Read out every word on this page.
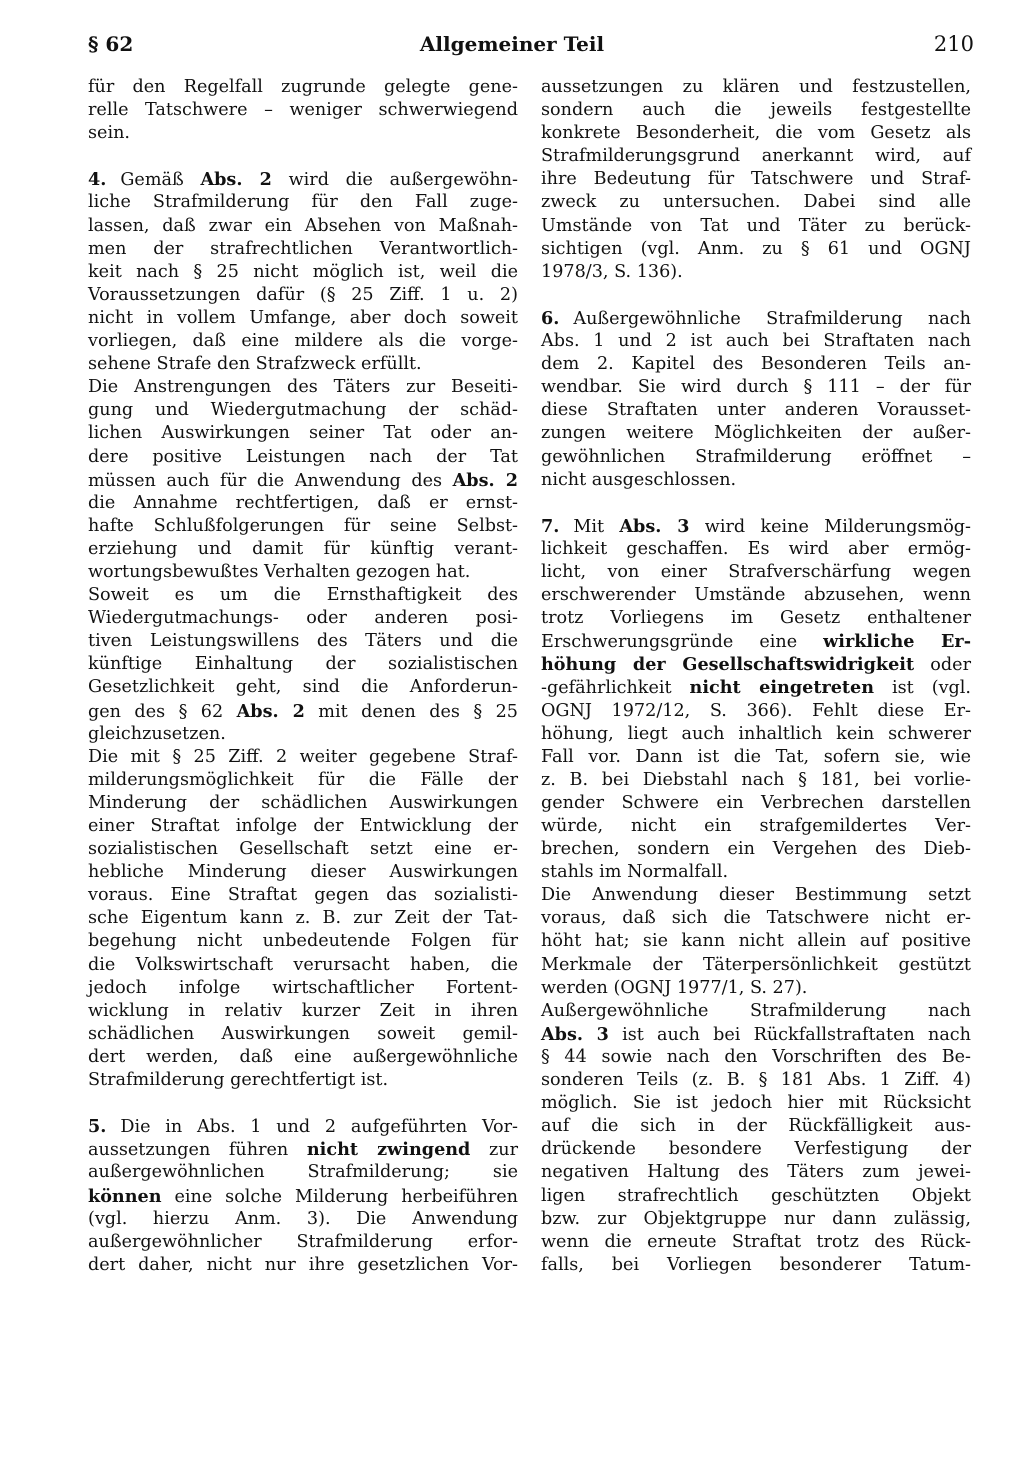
§ 62	Allgemeiner Teil	210
für den Regelfall zugrunde gelegte gene-
relle Tatschwere – weniger schwerwiegend
sein.

4. Gemäß Abs. 2 wird die außergewöhn-
liche Strafmilderung für den Fall zuge-
lassen, daß zwar ein Absehen von Maßnah-
men der strafrechtlichen Verantwortlich-
keit nach § 25 nicht möglich ist, weil die
Voraussetzungen dafür (§ 25 Ziff. 1 u. 2)
nicht in vollem Umfange, aber doch soweit
vorliegen, daß eine mildere als die vorge-
sehene Strafe den Strafzweck erfüllt.
Die Anstrengungen des Täters zur Beseiti-
gung und Wiedergutmachung der schäd-
lichen Auswirkungen seiner Tat oder an-
dere positive Leistungen nach der Tat
müssen auch für die Anwendung des Abs. 2
die Annahme rechtfertigen, daß er ernst-
hafte Schlußfolgerungen für seine Selbst-
erziehung und damit für künftig verant-
wortungsbewußtes Verhalten gezogen hat.
Soweit es um die Ernsthaftigkeit des
Wiedergutmachungs- oder anderen posi-
tiven Leistungswillens des Täters und die
künftige Einhaltung der sozialistischen
Gesetzlichkeit geht, sind die Anforderun-
gen des § 62 Abs. 2 mit denen des § 25
gleichzusetzen.
Die mit § 25 Ziff. 2 weiter gegebene Straf-
milderungsmöglichkeit für die Fälle der
Minderung der schädlichen Auswirkungen
einer Straftat infolge der Entwicklung der
sozialistischen Gesellschaft setzt eine er-
hebliche Minderung dieser Auswirkungen
voraus. Eine Straftat gegen das sozialisti-
sche Eigentum kann z. B. zur Zeit der Tat-
begehung nicht unbedeutende Folgen für
die Volkswirtschaft verursacht haben, die
jedoch infolge wirtschaftlicher Fortent-
wicklung in relativ kurzer Zeit in ihren
schädlichen Auswirkungen soweit gemil-
dert werden, daß eine außergewöhnliche
Strafmilderung gerechtfertigt ist.

5. Die in Abs. 1 und 2 aufgeführten Vor-
aussetzungen führen nicht zwingend zur
außergewöhnlichen Strafmilderung; sie
können eine solche Milderung herbeiführen
(vgl. hierzu Anm. 3). Die Anwendung
außergewöhnlicher Strafmilderung erfor-
dert daher, nicht nur ihre gesetzlichen Vor-
aussetzungen zu klären und festzustellen,
sondern auch die jeweils festgestellte
konkrete Besonderheit, die vom Gesetz als
Strafmilderungsgrund anerkannt wird, auf
ihre Bedeutung für Tatschwere und Straf-
zweck zu untersuchen. Dabei sind alle
Umstände von Tat und Täter zu berück-
sichtigen (vgl. Anm. zu § 61 und OGNJ
1978/3, S. 136).

6. Außergewöhnliche Strafmilderung nach
Abs. 1 und 2 ist auch bei Straftaten nach
dem 2. Kapitel des Besonderen Teils an-
wendbar. Sie wird durch § 111 – der für
diese Straftaten unter anderen Vorausset-
zungen weitere Möglichkeiten der außer-
gewöhnlichen Strafmilderung eröffnet –
nicht ausgeschlossen.

7. Mit Abs. 3 wird keine Milderungsmög-
lichkeit geschaffen. Es wird aber ermög-
licht, von einer Strafverschärfung wegen
erschwerender Umstände abzusehen, wenn
trotz Vorliegens im Gesetz enthaltener
Erschwerungsgründe eine wirkliche Er-
höhung der Gesellschaftswidrigkeit oder
-gefährlichkeit nicht eingetreten ist (vgl.
OGNJ 1972/12, S. 366). Fehlt diese Er-
höhung, liegt auch inhaltlich kein schwerer
Fall vor. Dann ist die Tat, sofern sie, wie
z. B. bei Diebstahl nach § 181, bei vorlie-
gender Schwere ein Verbrechen darstellen
würde, nicht ein strafgemildertes Ver-
brechen, sondern ein Vergehen des Dieb-
stahls im Normalfall.
Die Anwendung dieser Bestimmung setzt
voraus, daß sich die Tatschwere nicht er-
höht hat; sie kann nicht allein auf positive
Merkmale der Täterpersönlichkeit gestützt
werden (OGNJ 1977/1, S. 27).
Außergewöhnliche Strafmilderung nach
Abs. 3 ist auch bei Rückfallstraftaten nach
§ 44 sowie nach den Vorschriften des Be-
sonderen Teils (z. B. § 181 Abs. 1 Ziff. 4)
möglich. Sie ist jedoch hier mit Rücksicht
auf die sich in der Rückfälligkeit aus-
drückende besondere Verfestigung der
negativen Haltung des Täters zum jewei-
ligen strafrechtlich geschützten Objekt
bzw. zur Objektgruppe nur dann zulässig,
wenn die erneute Straftat trotz des Rück-
falls, bei Vorliegen besonderer Tatum-
